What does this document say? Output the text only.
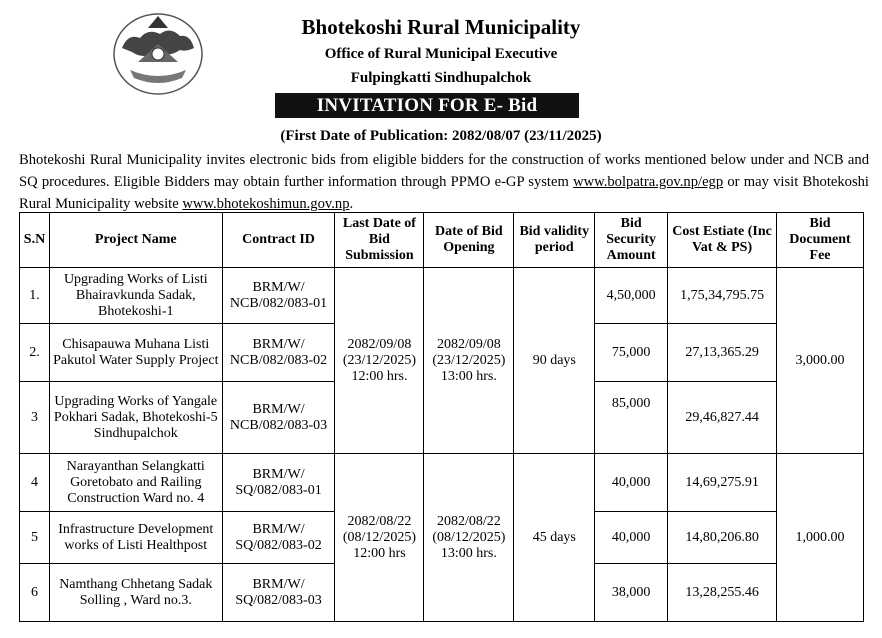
Bhotekoshi Rural Municipality
Office of Rural Municipal Executive
Fulpingkatti Sindhupalchok
INVITATION FOR E- Bid
(First Date of Publication: 2082/08/07 (23/11/2025)
Bhotekoshi Rural Municipality invites electronic bids from eligible bidders for the construction of works mentioned below under and NCB and SQ procedures. Eligible Bidders may obtain further information through PPMO e-GP system www.bolpatra.gov.np/egp or may visit Bhotekoshi Rural Municipality website www.bhotekoshimun.gov.np.
S.N	Project Name	Contract ID	Last Date of Bid Submission	Date of Bid Opening	Bid validity period	Bid Security Amount	Cost Estiate (Inc Vat & PS)	Bid Document Fee
1.	Upgrading Works of Listi Bhairavkunda Sadak, Bhotekoshi-1	BRM/W/ NCB/082/083-01	2082/09/08 (23/12/2025) 12:00 hrs.	2082/09/08 (23/12/2025) 13:00 hrs.	90 days	4,50,000	1,75,34,795.75	3,000.00
2.	Chisapauwa Muhana Listi Pakutol Water Supply Project	BRM/W/ NCB/082/083-02				75,000	27,13,365.29	
3	Upgrading Works of Yangale Pokhari Sadak, Bhotekoshi-5 Sindhupalchok	BRM/W/ NCB/082/083-03				85,000	29,46,827.44	
4	Narayanthan Selangkatti Goretobato and Railing Construction Ward no. 4	BRM/W/ SQ/082/083-01	2082/08/22 (08/12/2025) 12:00 hrs	2082/08/22 (08/12/2025) 13:00 hrs.	45 days	40,000	14,69,275.91	1,000.00
5	Infrastructure Development works of Listi Healthpost	BRM/W/ SQ/082/083-02				40,000	14,80,206.80	
6	Namthang Chhetang Sadak Solling , Ward no.3.	BRM/W/ SQ/082/083-03				38,000	13,28,255.46	
